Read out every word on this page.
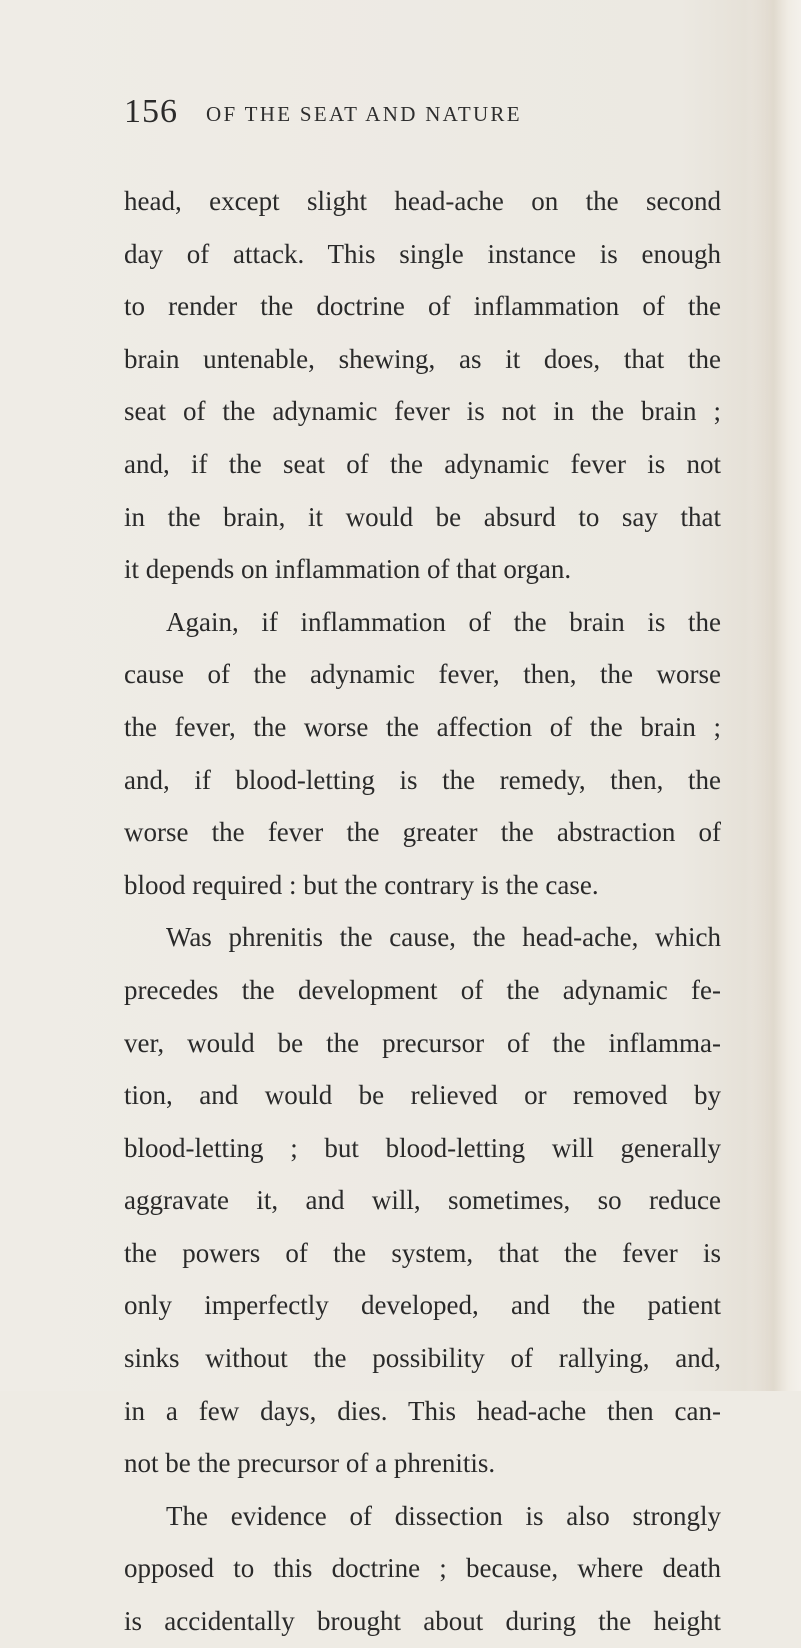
156 OF THE SEAT AND NATURE
head, except slight head-ache on the second
day of attack. This single instance is enough
to render the doctrine of inflammation of the
brain untenable, shewing, as it does, that the
seat of the adynamic fever is not in the brain ;
and, if the seat of the adynamic fever is not
in the brain, it would be absurd to say that
it depends on inflammation of that organ.
Again, if inflammation of the brain is the
cause of the adynamic fever, then, the worse
the fever, the worse the affection of the brain ;
and, if blood-letting is the remedy, then, the
worse the fever the greater the abstraction of
blood required : but the contrary is the case.
Was phrenitis the cause, the head-ache, which
precedes the development of the adynamic fe-
ver, would be the precursor of the inflamma-
tion, and would be relieved or removed by
blood-letting ; but blood-letting will generally
aggravate it, and will, sometimes, so reduce
the powers of the system, that the fever is
only imperfectly developed, and the patient
sinks without the possibility of rallying, and,
in a few days, dies. This head-ache then can-
not be the precursor of a phrenitis.
The evidence of dissection is also strongly
opposed to this doctrine ; because, where death
is accidentally brought about during the height
